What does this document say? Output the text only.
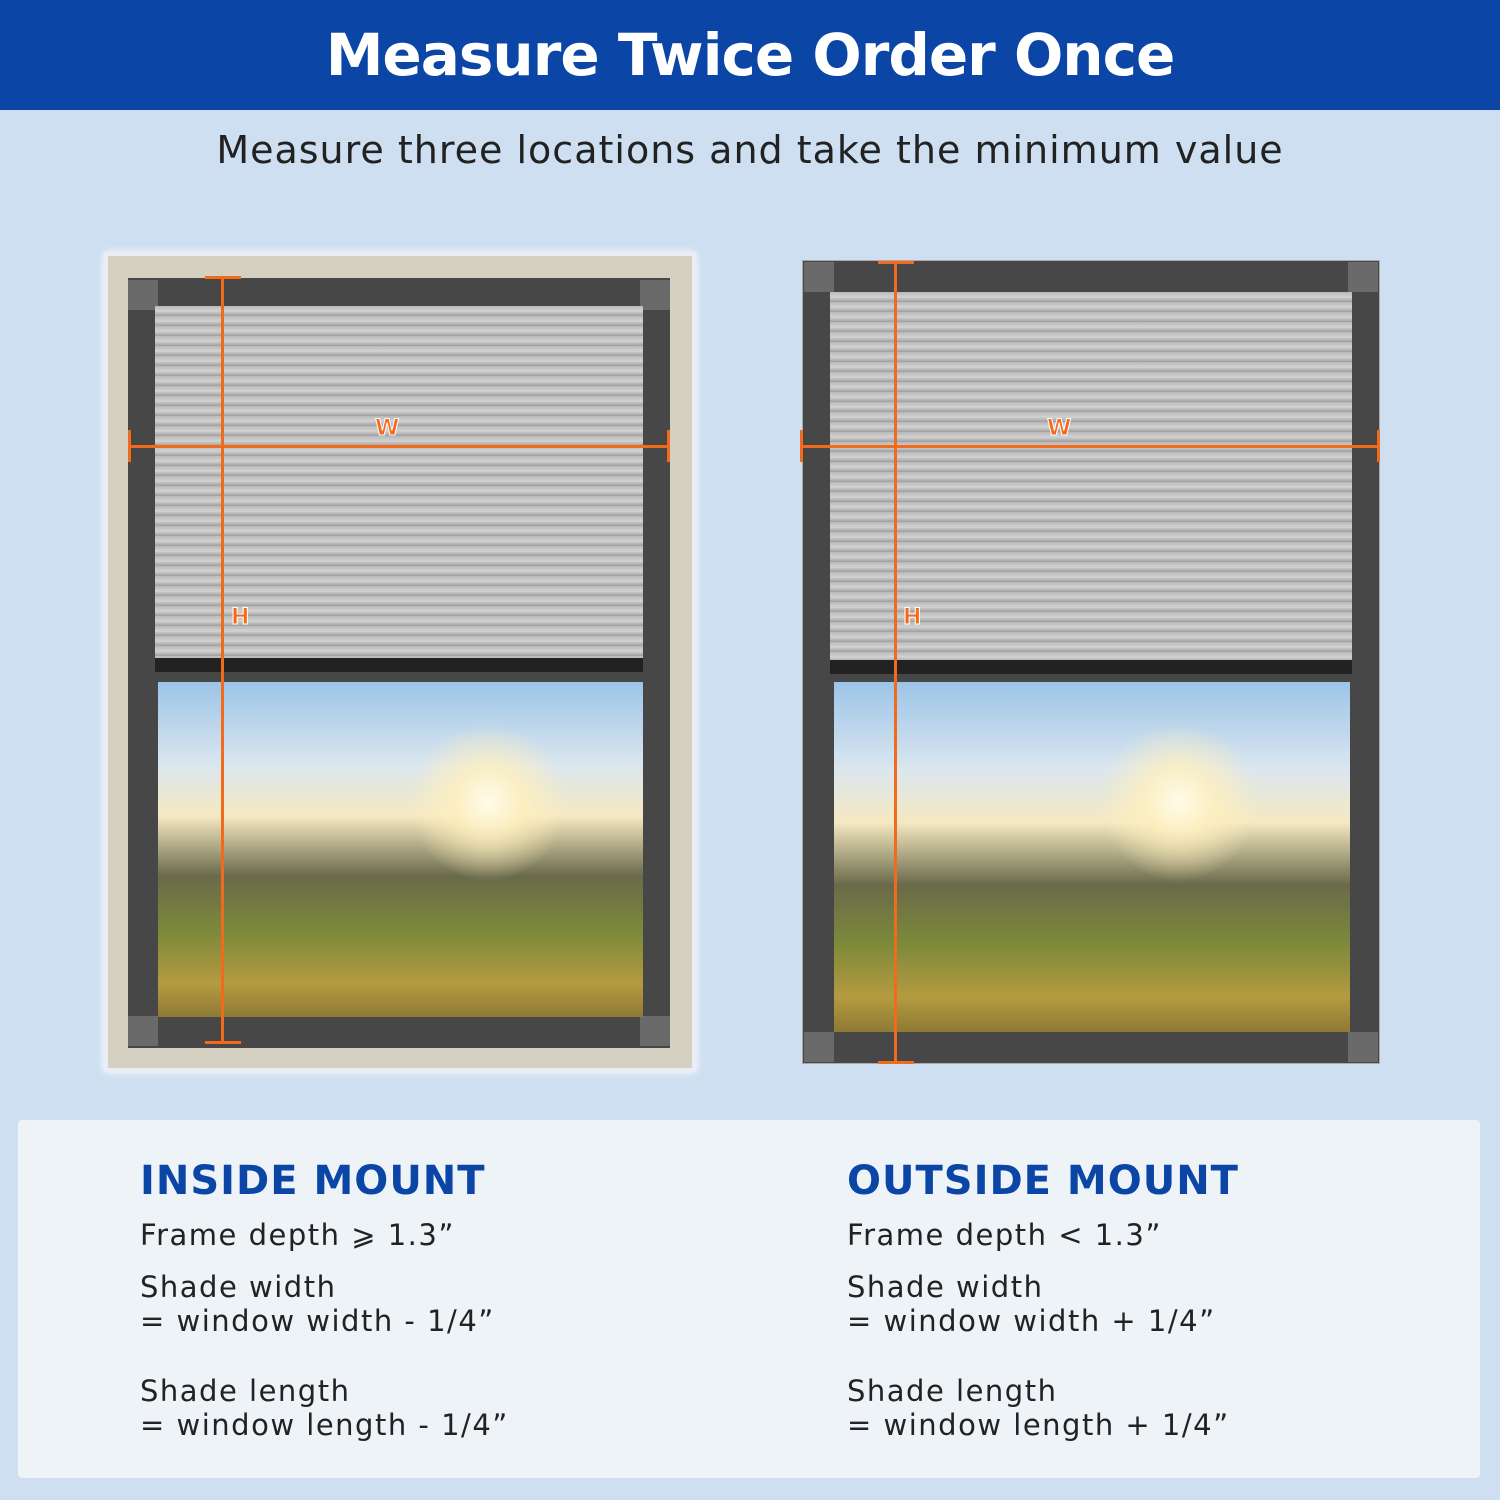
Measure Twice Order Once
Measure three locations and take the minimum value
W
H
W
H
INSIDE MOUNT
Frame depth ⩾ 1.3”
Shade width
= window width - 1/4”
Shade length
= window length - 1/4”
OUTSIDE MOUNT
Frame depth < 1.3”
Shade width
= window width + 1/4”
Shade length
= window length + 1/4”
